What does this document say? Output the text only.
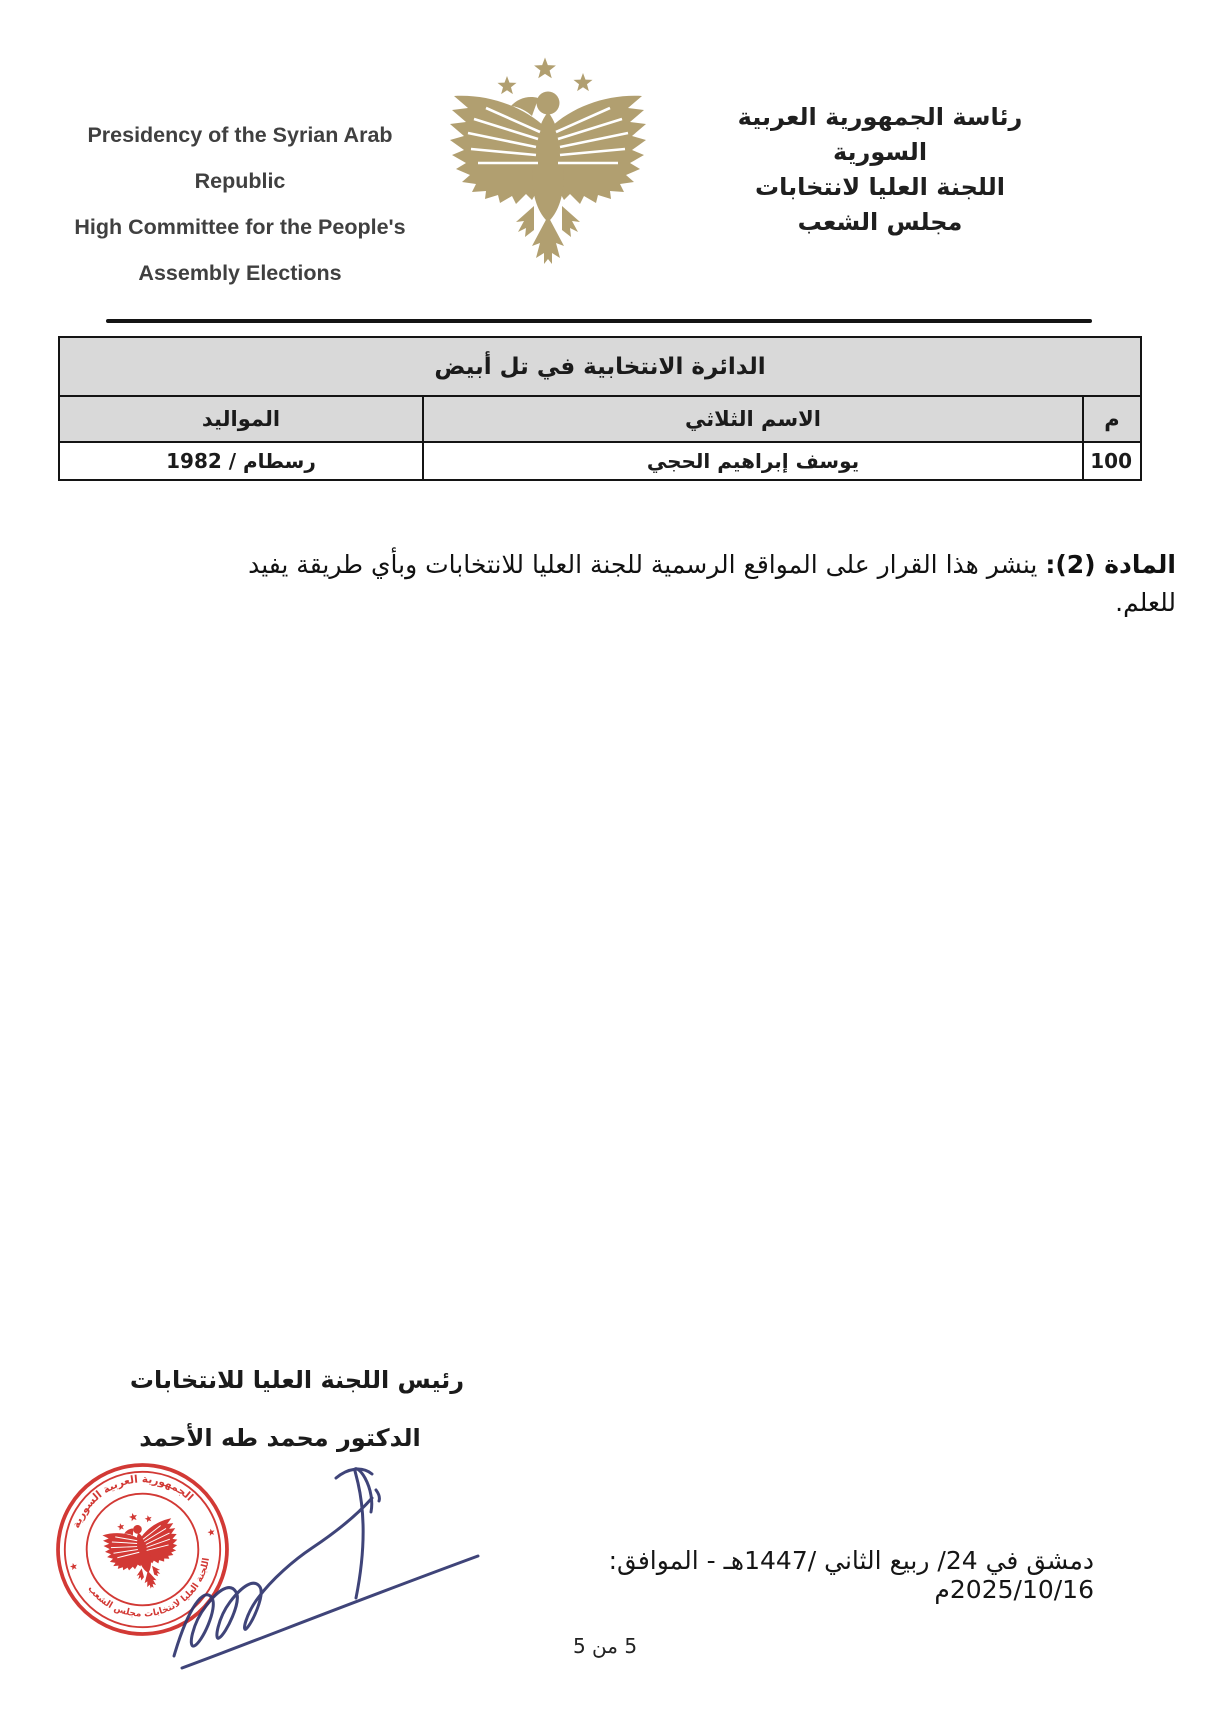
Presidency of the Syrian Arab Republic
High Committee for the People's
Assembly Elections
رئاسة الجمهورية العربية السورية
اللجنة العليا لانتخابات
مجلس الشعب
الدائرة الانتخابية في تل أبيض		
م	الاسم الثلاثي	المواليد
100	يوسف إبراهيم الحجي	رسطام / 1982
المادة (2): ينشر هذا القرار على المواقع الرسمية للجنة العليا للانتخابات وبأي طريقة يفيد للعلم.
رئيس اللجنة العليا للانتخابات
الدكتور محمد طه الأحمد
الجمهورية العربية السورية
اللجنة العليا لانتخابات مجلس الشعب	دمشق في 24/ ربيع الثاني /1447هـ - الموافق: 2025/10/16م
5 من 5
